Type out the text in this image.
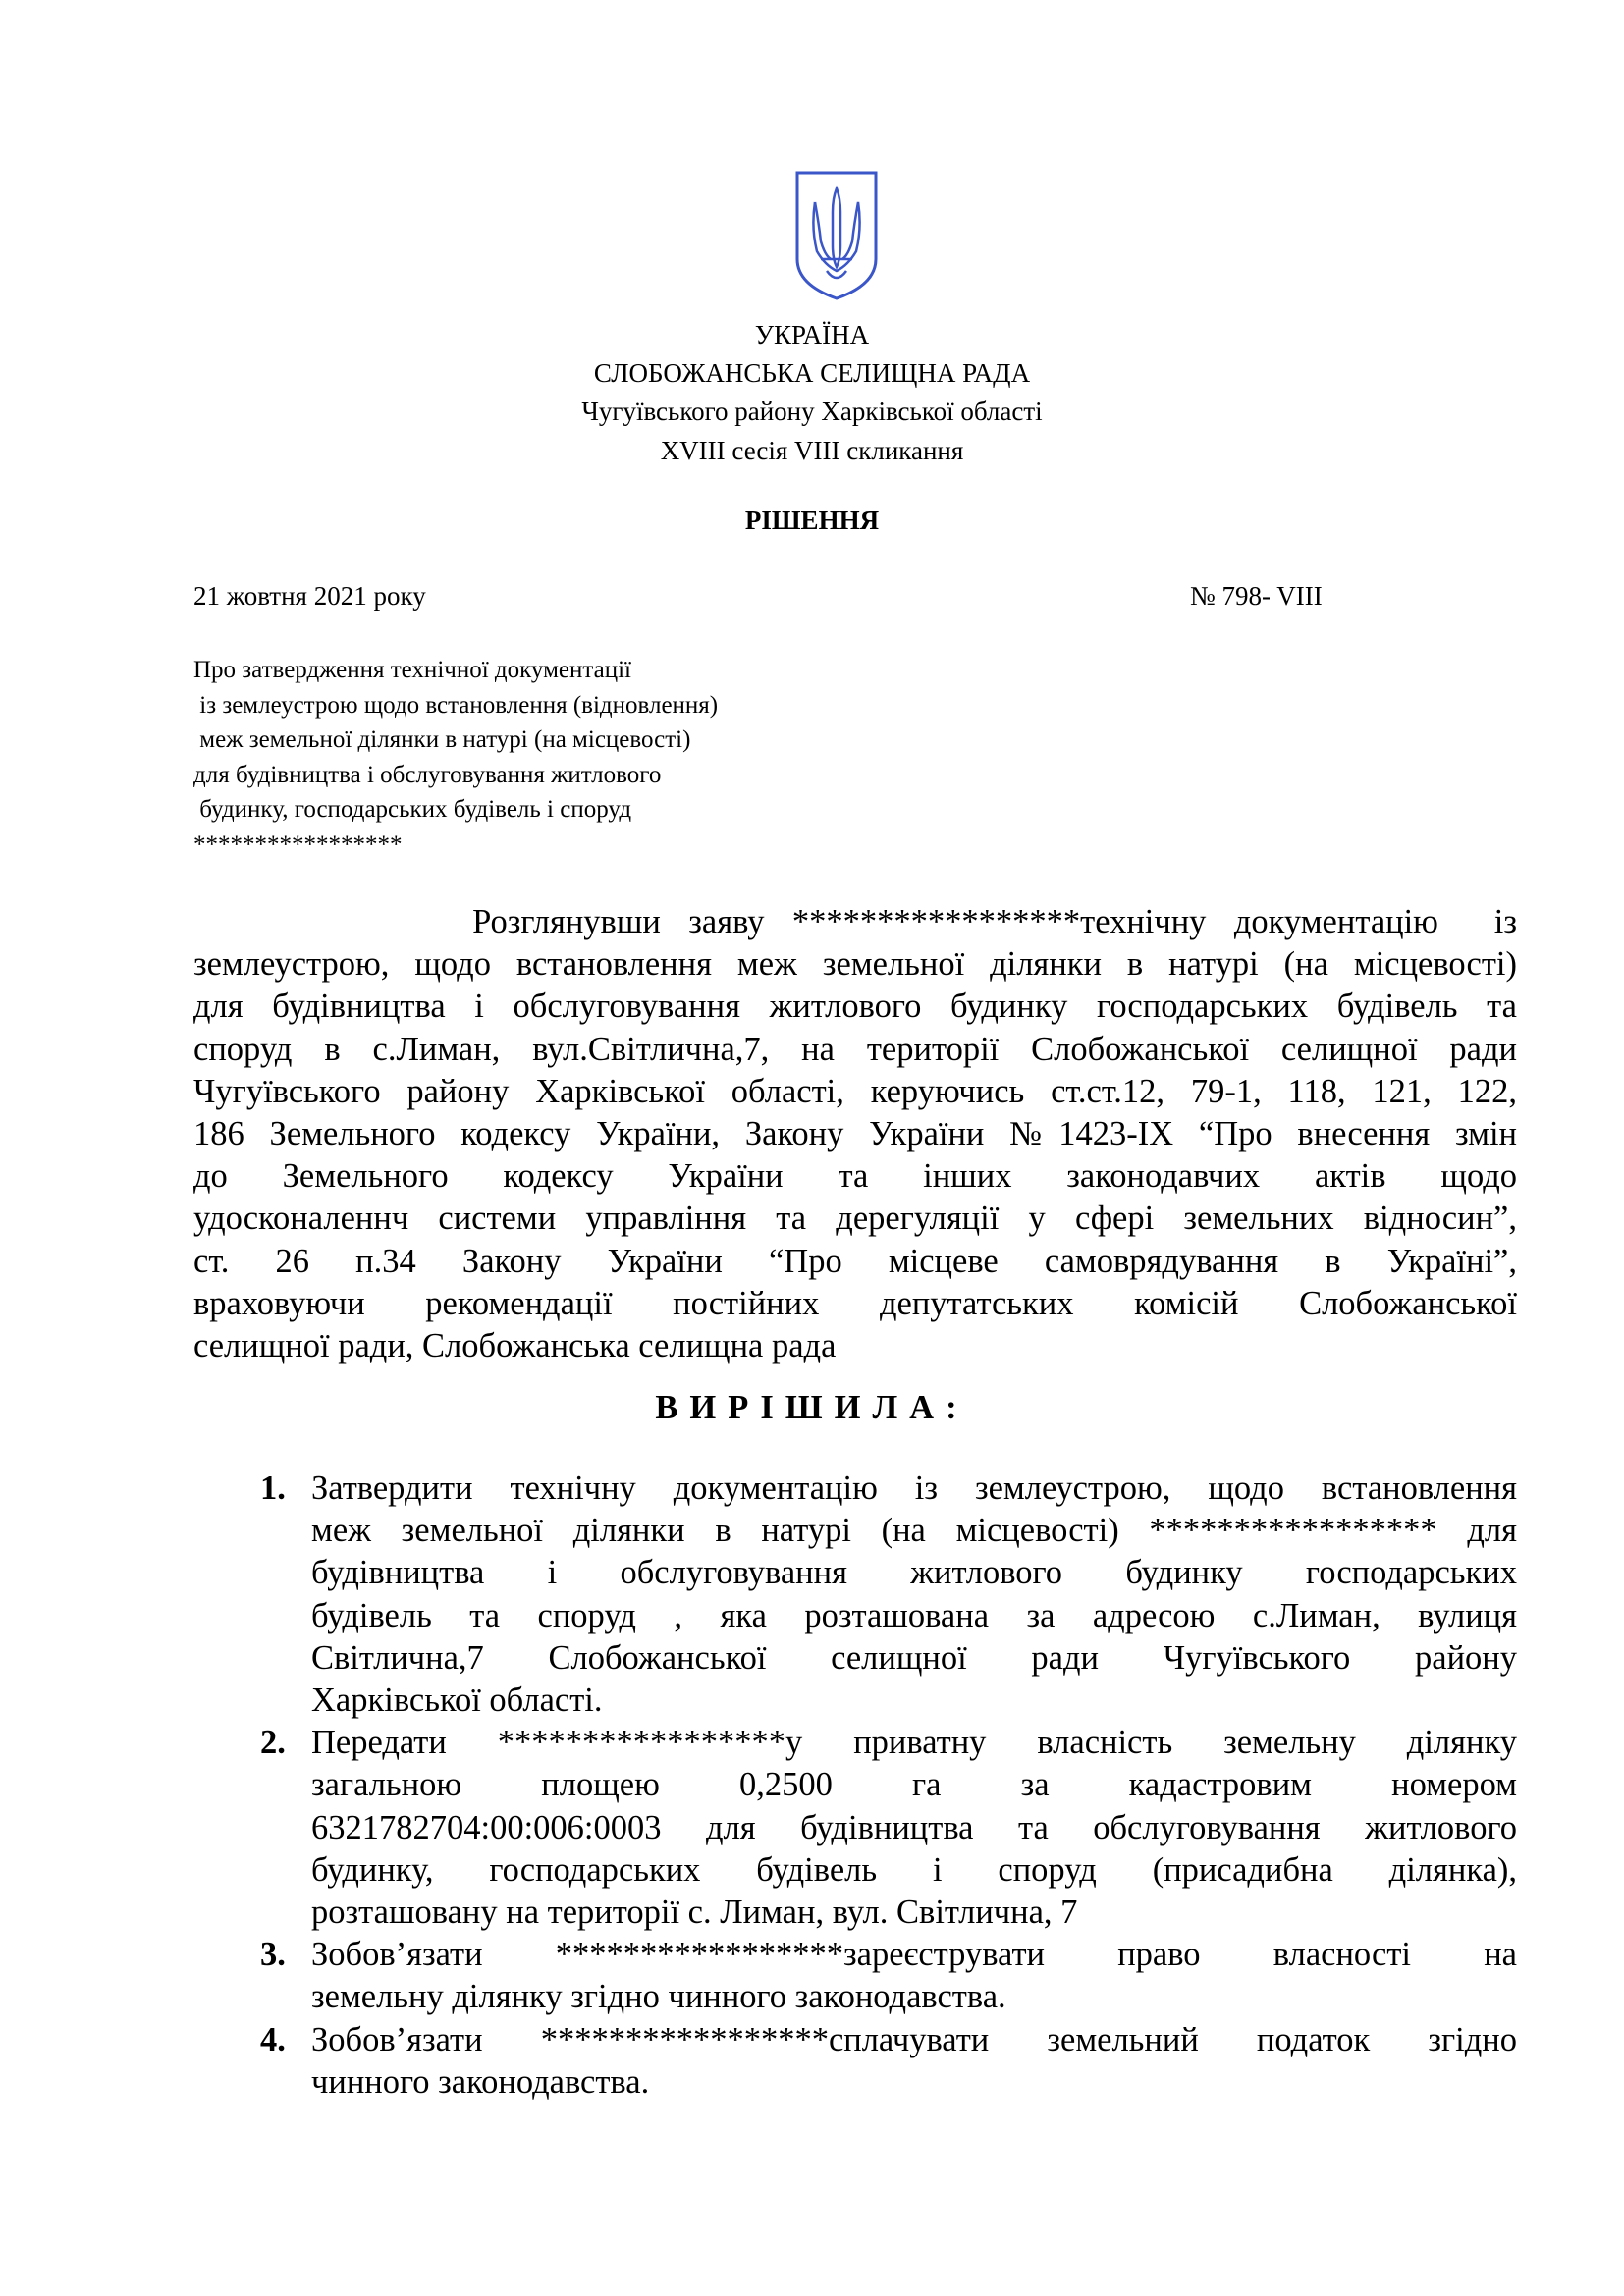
УКРАЇНА
СЛОБОЖАНСЬКА СЕЛИЩНА РАДА
Чугуївського району Харківської області
XVIII сесія VIII скликання
РІШЕННЯ
21 жовтня 2021 року	№ 798- VIII
Про затвердження технічної документації
із землеустрою щодо встановлення (відновлення)
меж земельної ділянки в натурі (на місцевості)
для будівництва і обслуговування житлового
будинку, господарських будівель і споруд
*****************
Розглянувши заяву *****************технічну документацію  із
землеустрою, щодо встановлення меж земельної ділянки в натурі (на місцевості)
для будівництва і обслуговування житлового будинку господарських будівель та
споруд в с.Лиман, вул.Світлична,7, на території Слобожанської селищної ради
Чугуївського району Харківської області, керуючись ст.ст.12, 79-1, 118, 121, 122,
186 Земельного кодексу України, Закону України №1423-IX “Про внесення змін
до Земельного кодексу України та інших законодавчих актів щодо
удосконаленнч системи управління та дерегуляції у сфері земельних відносин”,
ст. 26 п.34 Закону України “Про місцеве самоврядування в Україні”,
враховуючи рекомендації постійних депутатських комісій Слобожанської
селищної ради, Слобожанська селищна рада
ВИРІШИЛА:
1. Затвердити технічну документацію із землеустрою, щодо встановлення
меж земельної ділянки в натурі (на місцевості) ***************** для
будівництва і обслуговування житлового будинку господарських
будівель та споруд , яка розташована за адресою с.Лиман, вулиця
Світлична,7 Слобожанської селищної ради Чугуївського району
Харківської області.
2. Передати *****************у приватну власність земельну ділянку
загальною площею 0,2500 га за кадастровим номером
6321782704:00:006:0003 для будівництва та обслуговування житлового
будинку, господарських будівель і споруд (присадибна ділянка),
розташовану на території с. Лиман, вул. Світлична, 7
3. Зобов’язати *****************зареєструвати право власності на
земельну ділянку згідно чинного законодавства.
4. Зобов’язати *****************сплачувати земельний податок згідно
чинного законодавства.
